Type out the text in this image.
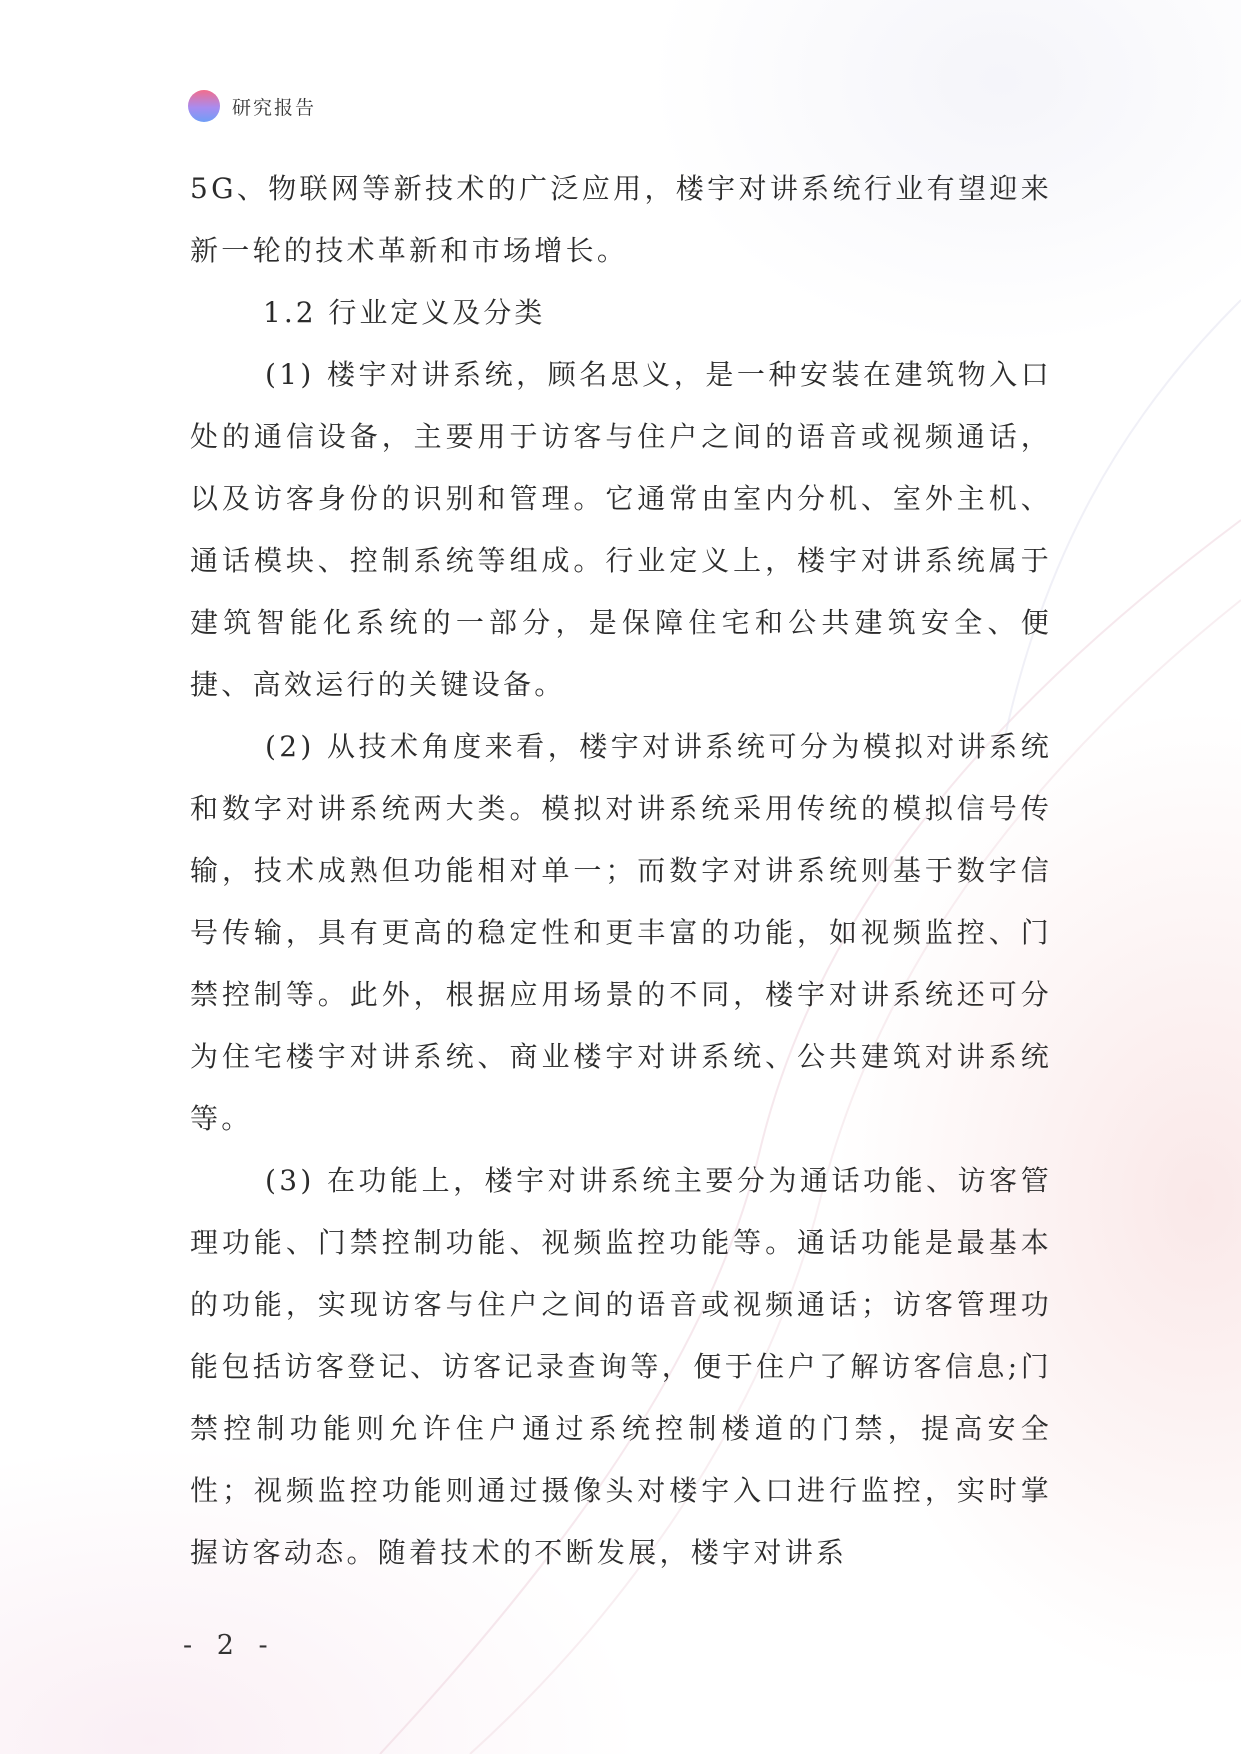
研究报告

5G、物联网等新技术的广泛应用，楼宇对讲系统行业有望迎来新一轮的技术革新和市场增长。

1.2 行业定义及分类

(1) 楼宇对讲系统，顾名思义，是一种安装在建筑物入口处的通信设备，主要用于访客与住户之间的语音或视频通话，以及访客身份的识别和管理。它通常由室内分机、室外主机、通话模块、控制系统等组成。行业定义上，楼宇对讲系统属于建筑智能化系统的一部分，是保障住宅和公共建筑安全、便捷、高效运行的关键设备。

(2) 从技术角度来看，楼宇对讲系统可分为模拟对讲系统和数字对讲系统两大类。模拟对讲系统采用传统的模拟信号传输，技术成熟但功能相对单一；而数字对讲系统则基于数字信号传输，具有更高的稳定性和更丰富的功能，如视频监控、门禁控制等。此外，根据应用场景的不同，楼宇对讲系统还可分为住宅楼宇对讲系统、商业楼宇对讲系统、公共建筑对讲系统等。

(3) 在功能上，楼宇对讲系统主要分为通话功能、访客管理功能、门禁控制功能、视频监控功能等。通话功能是最基本的功能，实现访客与住户之间的语音或视频通话；访客管理功能包括访客登记、访客记录查询等，便于住户了解访客信息;门禁控制功能则允许住户通过系统控制楼道的门禁，提高安全性；视频监控功能则通过摄像头对楼宇入口进行监控，实时掌握访客动态。随着技术的不断发展，楼宇对讲系

- 2 -
